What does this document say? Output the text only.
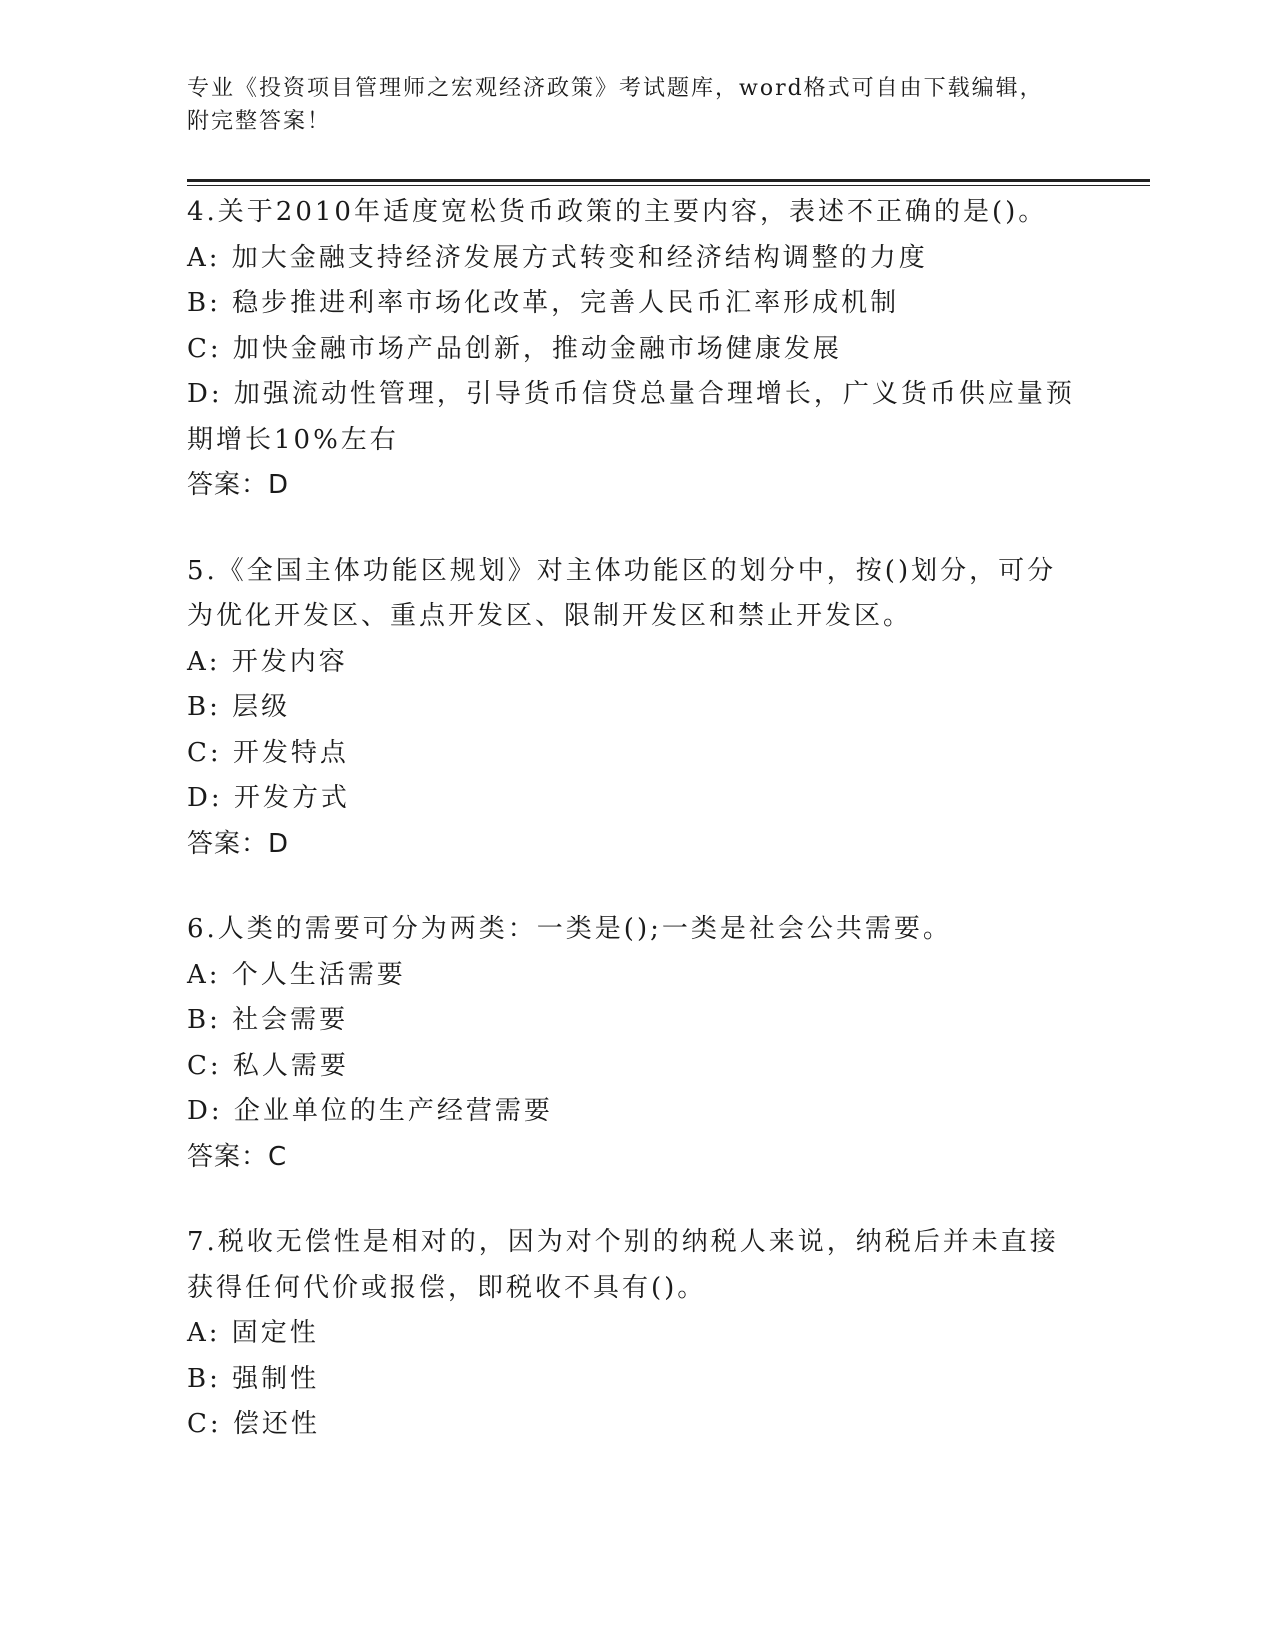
专业《投资项目管理师之宏观经济政策》考试题库，word格式可自由下载编辑，
附完整答案！
4.关于2010年适度宽松货币政策的主要内容，表述不正确的是()。
A: 加大金融支持经济发展方式转变和经济结构调整的力度
B: 稳步推进利率市场化改革，完善人民币汇率形成机制
C: 加快金融市场产品创新，推动金融市场健康发展
D: 加强流动性管理，引导货币信贷总量合理增长，广义货币供应量预
期增长10%左右
答案：D
5.《全国主体功能区规划》对主体功能区的划分中，按()划分，可分
为优化开发区、重点开发区、限制开发区和禁止开发区。
A: 开发内容
B: 层级
C: 开发特点
D: 开发方式
答案：D
6.人类的需要可分为两类：一类是();一类是社会公共需要。
A: 个人生活需要
B: 社会需要
C: 私人需要
D: 企业单位的生产经营需要
答案：C
7.税收无偿性是相对的，因为对个别的纳税人来说，纳税后并未直接
获得任何代价或报偿，即税收不具有()。
A: 固定性
B: 强制性
C: 偿还性
